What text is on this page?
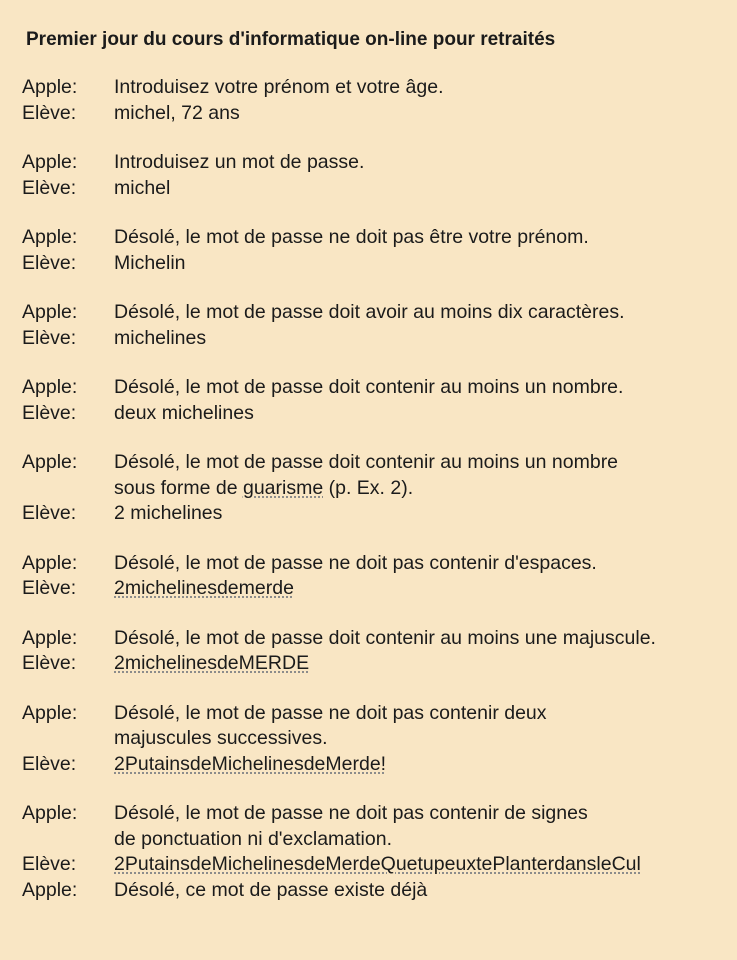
Premier jour du cours d'informatique on-line pour retraités
Apple:	Introduisez votre prénom et votre âge.
Elève:	michel, 72 ans
Apple:	Introduisez un mot de passe.
Elève:	michel
Apple:	Désolé, le mot de passe ne doit pas être votre prénom.
Elève:	Michelin
Apple:	Désolé, le mot de passe doit avoir au moins dix caractères.
Elève:	michelines
Apple:	Désolé, le mot de passe doit contenir au moins un nombre.
Elève:	deux michelines
Apple:	Désolé, le mot de passe doit contenir au moins un nombre
sous forme de guarisme (p. Ex. 2).
Elève:	2 michelines
Apple:	Désolé, le mot de passe ne doit pas contenir d'espaces.
Elève:	2michelinesdemerde
Apple:	Désolé, le mot de passe doit contenir au moins une majuscule.
Elève:	2michelinesdeMERDE
Apple:	Désolé, le mot de passe ne doit pas contenir deux
majuscules successives.
Elève:	2PutainsdeMichelinesdeMerde!
Apple:	Désolé, le mot de passe ne doit pas contenir de signes
de ponctuation ni d'exclamation.
Elève:	2PutainsdeMichelinesdeMerdeQuetupeuxtePlanterdansleCul
Apple:	Désolé, ce mot de passe existe déjà
